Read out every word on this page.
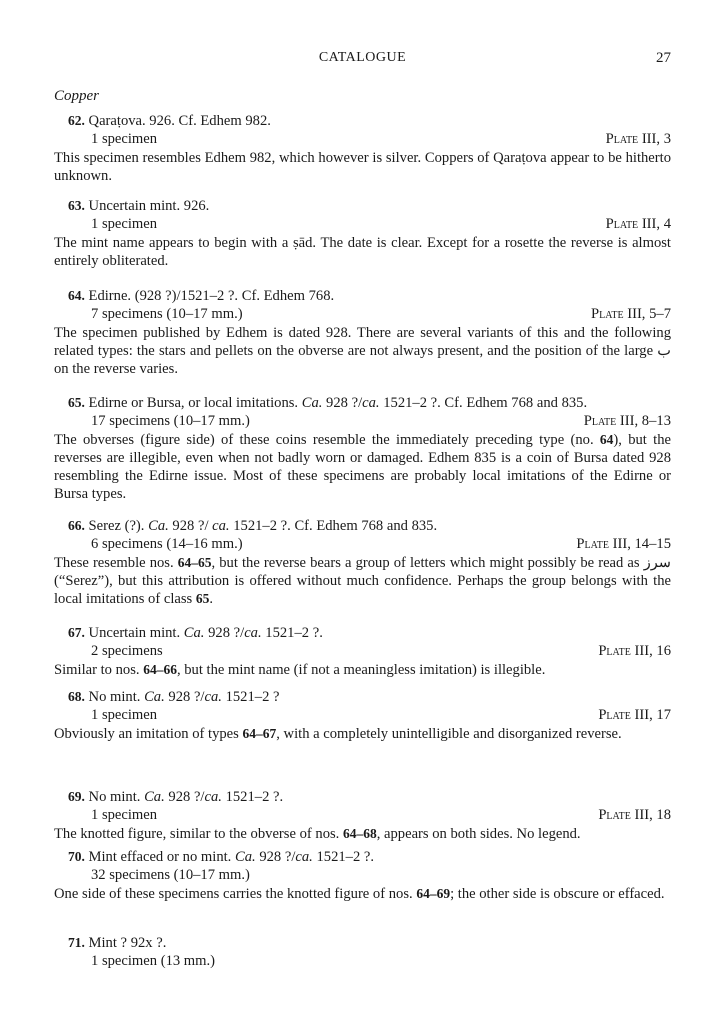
CATALOGUE	27
Copper
62. Qaraṭova. 926. Cf. Edhem 982.
1 specimen	Plate III, 3
This specimen resembles Edhem 982, which however is silver. Coppers of Qaraṭova appear to be hitherto unknown.
63. Uncertain mint. 926.
1 specimen	Plate III, 4
The mint name appears to begin with a ṣād. The date is clear. Except for a rosette the reverse is almost entirely obliterated.
64. Edirne. (928 ?)/1521–2 ?. Cf. Edhem 768.
7 specimens (10–17 mm.)	Plate III, 5–7
The specimen published by Edhem is dated 928. There are several variants of this and the following related types: the stars and pellets on the obverse are not always present, and the position of the large ب on the reverse varies.
65. Edirne or Bursa, or local imitations. Ca. 928 ?/ca. 1521–2 ?. Cf. Edhem 768 and 835.
17 specimens (10–17 mm.)	Plate III, 8–13
The obverses (figure side) of these coins resemble the immediately preceding type (no. 64), but the reverses are illegible, even when not badly worn or damaged. Edhem 835 is a coin of Bursa dated 928 resembling the Edirne issue. Most of these specimens are probably local imitations of the Edirne or Bursa types.
66. Serez (?). Ca. 928 ?/ ca. 1521–2 ?. Cf. Edhem 768 and 835.
6 specimens (14–16 mm.)	Plate III, 14–15
These resemble nos. 64–65, but the reverse bears a group of letters which might possibly be read as سرز (“Serez”), but this attribution is offered without much confidence. Perhaps the group belongs with the local imitations of class 65.
67. Uncertain mint. Ca. 928 ?/ca. 1521–2 ?.
2 specimens	Plate III, 16
Similar to nos. 64–66, but the mint name (if not a meaningless imitation) is illegible.
68. No mint. Ca. 928 ?/ca. 1521–2 ?
1 specimen	Plate III, 17
Obviously an imitation of types 64–67, with a completely unintelligible and disorganized reverse.
69. No mint. Ca. 928 ?/ca. 1521–2 ?.
1 specimen	Plate III, 18
The knotted figure, similar to the obverse of nos. 64–68, appears on both sides. No legend.
70. Mint effaced or no mint. Ca. 928 ?/ca. 1521–2 ?.
32 specimens (10–17 mm.)
One side of these specimens carries the knotted figure of nos. 64–69; the other side is obscure or effaced.
71. Mint ? 92x ?.
1 specimen (13 mm.)
